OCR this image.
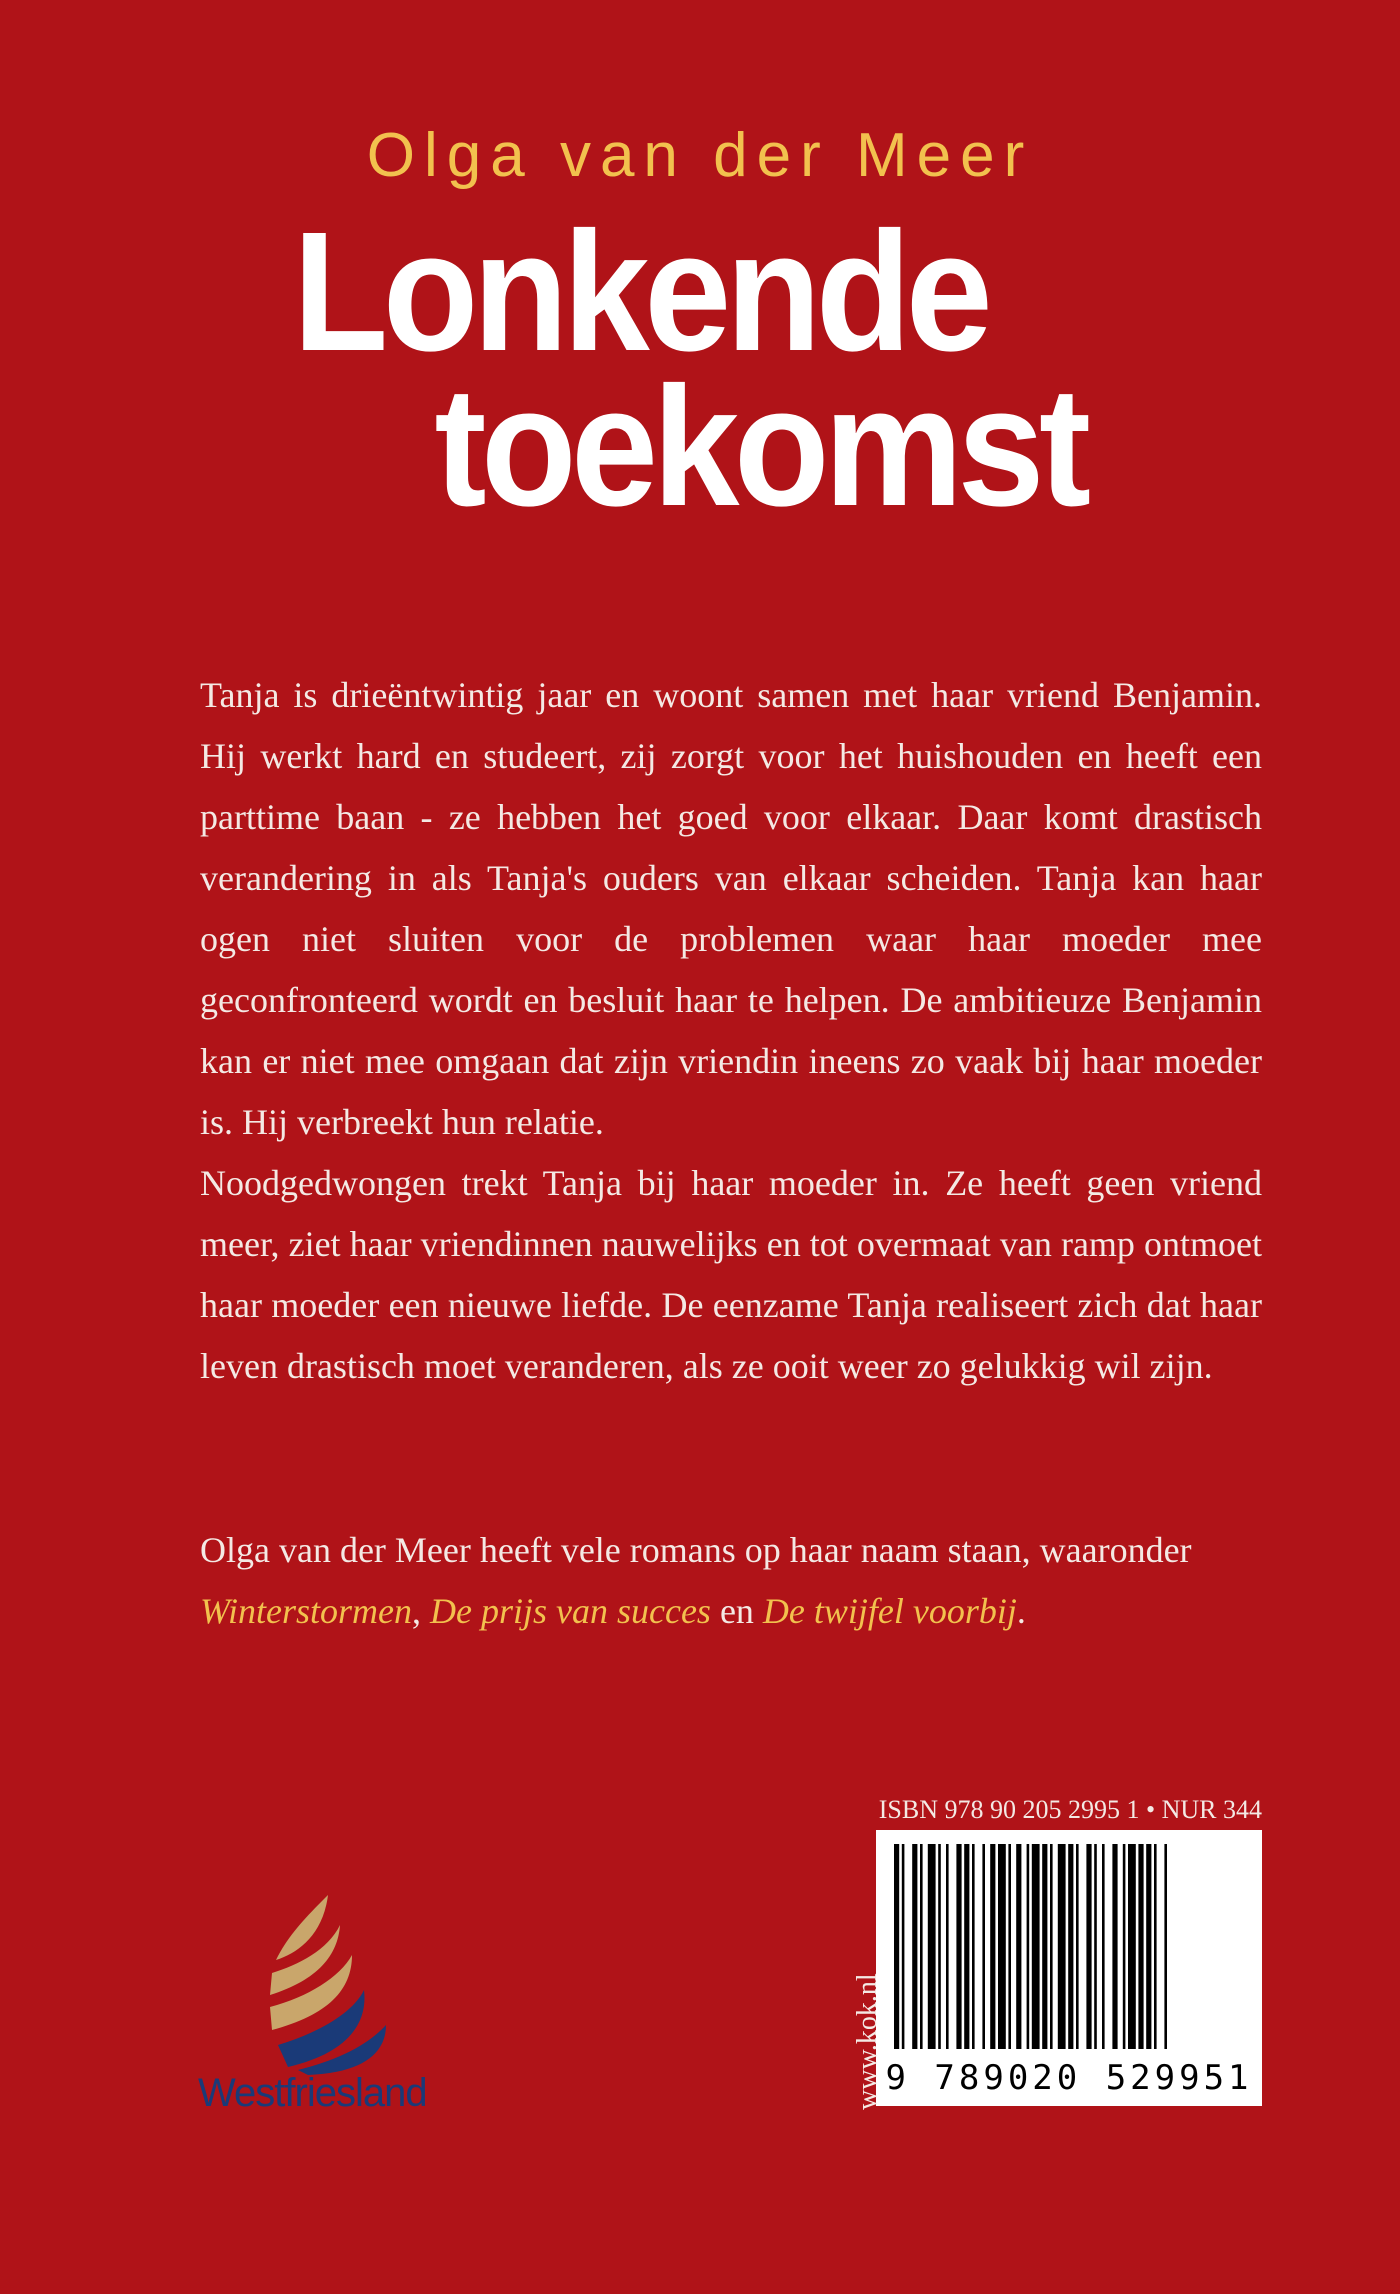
Olga van der Meer
Lonkende
toekomst

Tanja is drieëntwintig jaar en woont samen met haar vriend Benjamin. Hij werkt hard en studeert, zij zorgt voor het huishouden en heeft een parttime baan - ze hebben het goed voor elkaar. Daar komt drastisch verandering in als Tanja's ouders van elkaar scheiden. Tanja kan haar ogen niet sluiten voor de problemen waar haar moeder mee geconfronteerd wordt en besluit haar te helpen. De ambitieuze Benjamin kan er niet mee omgaan dat zijn vriendin ineens zo vaak bij haar moeder is. Hij verbreekt hun relatie.

Noodgedwongen trekt Tanja bij haar moeder in. Ze heeft geen vriend meer, ziet haar vriendinnen nauwelijks en tot overmaat van ramp ontmoet haar moeder een nieuwe liefde. De eenzame Tanja realiseert zich dat haar leven drastisch moet veranderen, als ze ooit weer zo gelukkig wil zijn.

Olga van der Meer heeft vele romans op haar naam staan, waaronder
Winterstormen, De prijs van succes en De twijfel voorbij.

ISBN 978 90 205 2995 1 • NUR 344
9 789020 529951
www.kok.nl
Westfriesland
